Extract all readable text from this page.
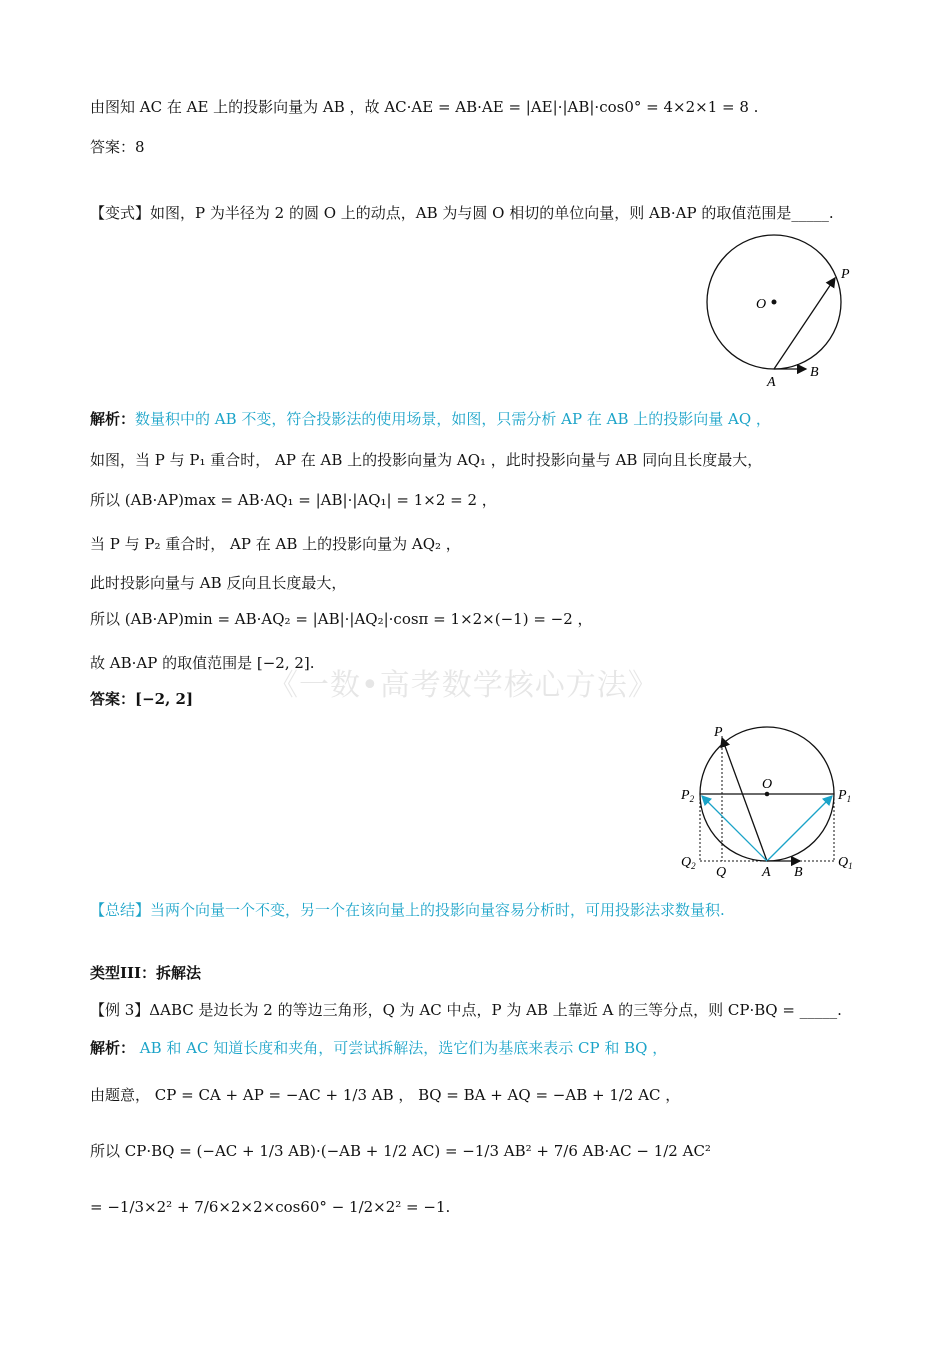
由图知 AC 在 AE 上的投影向量为 AB ，故 AC·AE = AB·AE = |AE|·|AB|·cos0° = 4×2×1 = 8 .
答案：8
【变式】如图，P 为半径为 2 的圆 O 上的动点，AB 为与圆 O 相切的单位向量，则 AB·AP 的取值范围是_____.
O
P
A
B
解析：数量积中的 AB 不变，符合投影法的使用场景，如图，只需分析 AP 在 AB 上的投影向量 AQ ，
如图，当 P 与 P₁ 重合时， AP 在 AB 上的投影向量为 AQ₁ ，此时投影向量与 AB 同向且长度最大，
所以 (AB·AP)max = AB·AQ₁ = |AB|·|AQ₁| = 1×2 = 2 ，
当 P 与 P₂ 重合时， AP 在 AB 上的投影向量为 AQ₂ ，
此时投影向量与 AB 反向且长度最大，
所以 (AB·AP)min = AB·AQ₂ = |AB|·|AQ₂|·cosπ = 1×2×(−1) = −2 ，
故 AB·AP 的取值范围是 [−2, 2].
答案：[−2, 2] 《一数•高考数学核心方法》
P
O
$P_2$	$P_1$
$Q_2$ Q	A B
$Q_1$
【总结】当两个向量一个不变，另一个在该向量上的投影向量容易分析时，可用投影法求数量积.
类型III：拆解法
【例 3】ΔABC 是边长为 2 的等边三角形，Q 为 AC 中点，P 为 AB 上靠近 A 的三等分点，则 CP·BQ = _____.
解析： AB 和 AC 知道长度和夹角，可尝试拆解法，选它们为基底来表示 CP 和 BQ ，
由题意， CP = CA + AP = −AC + 1/3 AB ， BQ = BA + AQ = −AB + 1/2 AC ，
所以 CP·BQ = (−AC + 1/3 AB)·(−AB + 1/2 AC) = −1/3 AB² + 7/6 AB·AC − 1/2 AC²
= −1/3×2² + 7/6×2×2×cos60° − 1/2×2² = −1.
